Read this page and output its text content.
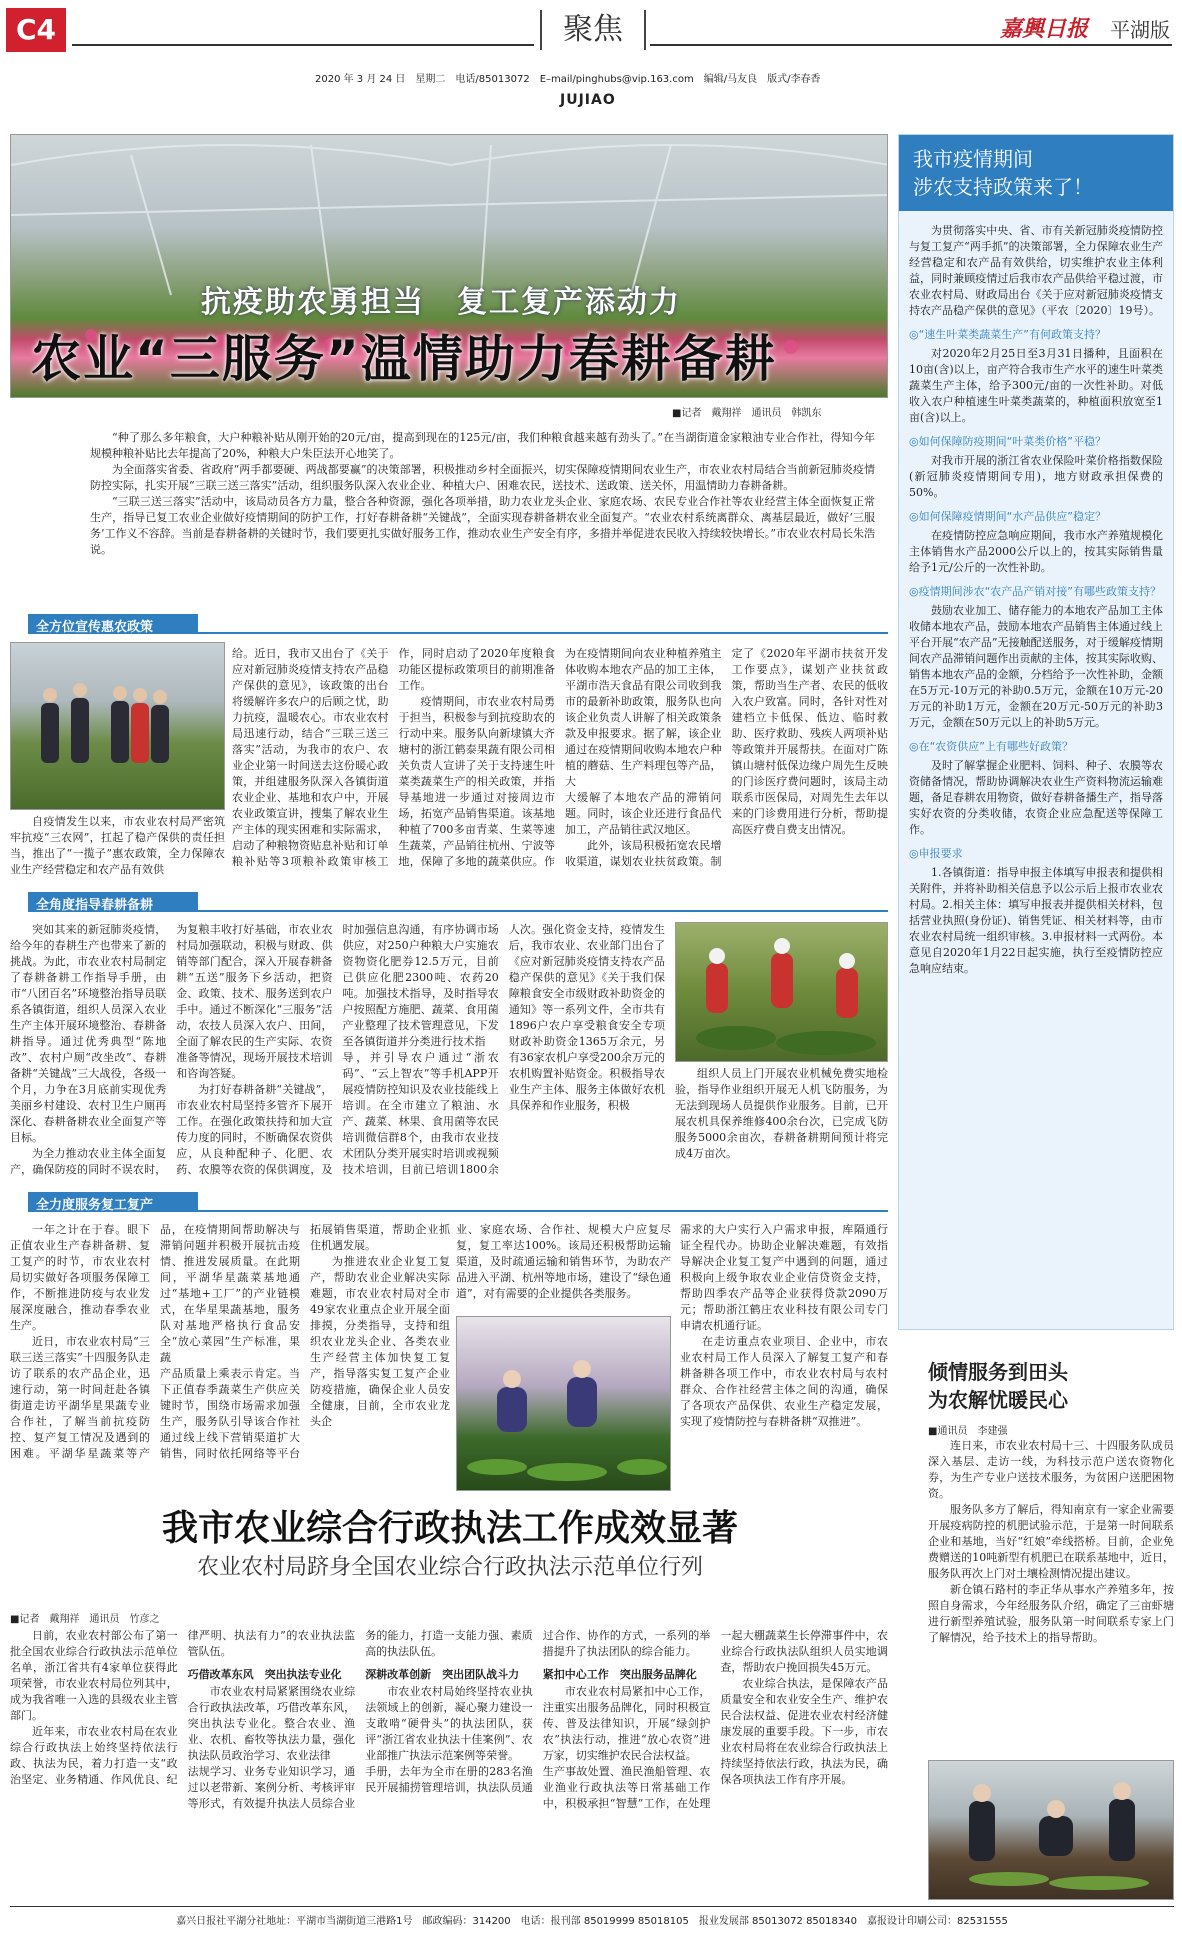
C4	聚焦	嘉興日报 平湖版
2020 年 3 月 24 日　星期二　电话/85013072　E–mail/pinghubs@vip.163.com　编辑/马友良　版式/李春香
JUJIAO
抗疫助农勇担当　复工复产添动力
农业“三服务”温情助力春耕备耕
■记者　戴翔祥　通讯员　韩凯东

“种了那么多年粮食，大户种粮补贴从刚开始的20元/亩，提高到现在的125元/亩，我们种粮食越来越有劲头了。”在当湖街道金家粮油专业合作社，得知今年规模种粮补贴比去年提高了20%，种粮大户朱臣法开心地笑了。

为全面落实省委、省政府“两手都要硬、两战都要赢”的决策部署，积极推动乡村全面振兴，切实保障疫情期间农业生产，市农业农村局结合当前新冠肺炎疫情防控实际，扎实开展“三联三送三落实”活动，组织服务队深入农业企业、种植大户、困难农民，送技术、送政策、送关怀，用温情助力春耕备耕。

“三联三送三落实”活动中，该局动员各方力量，整合各种资源，强化各项举措，助力农业龙头企业、家庭农场、农民专业合作社等农业经营主体全面恢复正常生产，指导已复工农业企业做好疫情期间的防护工作，打好春耕备耕“关键战”，全面实现春耕备耕农业全面复产。“农业农村系统离群众、离基层最近，做好‘三服务’工作义不容辞。当前是春耕备耕的关键时节，我们要更扎实做好服务工作，推动农业生产安全有序，多措并举促进农民收入持续较快增长。”市农业农村局长朱浩说。

全方位宣传惠农政策
自疫情发生以来，市农业农村局严密筑牢抗疫“三农网”，扛起了稳产保供的责任担当，推出了“一揽子”惠农政策，全力保障农业生产经营稳定和农产品有效供

给。近日，我市又出台了《关于应对新冠肺炎疫情支持农产品稳产保供的意见》，该政策的出台将缓解许多农户的后顾之忧，助力抗疫，温暖农心。市农业农村局迅速行动，结合“三联三送三落实”活动，为我市的农户、农业企业第一时间送去这份暖心政策，并组建服务队深入各镇街道农业企业、基地和农户中，开展农业政策宣讲，搜集了解农业生产主体的现实困难和实际需求，启动了种粮物资贴息补贴和订单粮补贴等3项粮补政策审核工作，同时启动了2020年度粮食功能区提标政策项目的前期准备工作。

疫情期间，市农业农村局勇于担当，积极参与到抗疫助农的行动中来。服务队向新埭镇大齐塘村的浙江鹤泰果蔬有限公司相关负责人宣讲了关于支持速生叶菜类蔬菜生产的相关政策，并指导基地进一步通过对接周边市场，拓宽产品销售渠道。该基地种植了700多亩青菜、生菜等速生蔬菜，产品销往杭州、宁波等地，保障了多地的蔬菜供应。作为在疫情期间向农业种植养殖主体收购本地农产品的加工主体，平湖市浩天食品有限公司收到我市的最新补助政策，服务队也向该企业负责人讲解了相关政策条款及申报要求。据了解，该企业通过在疫情期间收购本地农户种植的蘑菇、生产料理包等产品，大

大缓解了本地农产品的滞销问题。同时，该企业还进行食品代加工，产品销往武汉地区。

此外，该局积极拓宽农民增收渠道，谋划农业扶贫政策。制定了《2020年平湖市扶贫开发工作要点》，谋划产业扶贫政策，帮助当生产者、农民的低收入农户致富。同时，各针对性对建档立卡低保、低边、临时救助、医疗救助、残疾人两项补贴等政策并开展帮扶。在面对广陈镇山塘村低保边缘户周先生反映的门诊医疗费问题时，该局主动联系市医保局，对周先生去年以来的门诊费用进行分析，帮助提高医疗费自费支出情况。

全角度指导春耕备耕

突如其来的新冠肺炎疫情，给今年的春耕生产也带来了新的挑战。为此，市农业农村局制定了春耕备耕工作指导手册，由市“八团百名”环境整治指导员联系各镇街道，组织人员深入农业生产主体开展环境整治、春耕备耕指导。通过优秀典型“陈地改”、农村户厕“改坐改”、春耕备耕“关键战”三大战役，各级一个月，力争在3月底前实现优秀美丽乡村建设、农村卫生户厕再深化、春耕备耕农业全面复产等目标。

为全力推动农业主体全面复产，确保防疫的同时不误农时，为复粮丰收打好基础，市农业农村局加强联动，积极与财政、供销等部门配合，深入开展春耕备耕“五送”服务下乡活动，把资金、政策、技术、服务送到农户手中。通过不断深化“三服务”活动，农技人员深入农户、田间，全面了解农民的生产实际、农资准备等情况，现场开展技术培训和咨询答疑。

为打好春耕备耕“关键战”，市农业农村局坚持多管齐下展开工作。在强化政策扶持和加大宣传力度的同时，不断确保农资供应，从良种配种子、化肥、农药、农膜等农资的保供调度，及时加强信息沟通，有序协调市场供应，对250户种粮大户实施农资物资化肥券12.5万元，目前已供应化肥2300吨、农药20吨。加强技术指导，及时指导农户按照配方施肥、蔬菜、食用菌产业整理了技术管理意见，下发至各镇街道并分类进行技术指

导，并引导农户通过“浙农码”、“云上智农”等手机APP开展疫情防控知识及农业技能线上培训。在全市建立了粮油、水产、蔬菜、林果、食用菌等农民培训微信群8个，由我市农业技术团队分类开展实时培训或视频技术培训，目前已培训1800余人次。强化资金支持，疫情发生后，我市农业、农业部门出台了《应对新冠肺炎疫情支持农产品稳产保供的意见》《关于我们保障粮食安全市级财政补助资金的通知》等一系列文件，全市共有1896户农户享受粮食安全专项财政补助资金1365万余元，另有36家农机户享受200余万元的农机购置补贴资金。积极指导农业生产主体、服务主体做好农机具保养和作业服务，积极

组织人员上门开展农业机械免费实地检验，指导作业组织开展无人机飞防服务，为无法到现场人员提供作业服务。目前，已开展农机具保养维修400余台次，已完成飞防服务5000余亩次，春耕备耕期间预计将完成4万亩次。
全力度服务复工复产

一年之计在于春。眼下正值农业生产春耕备耕、复工复产的时节，市农业农村局切实做好各项服务保障工作，不断推进防疫与农业发展深度融合，推动春季农业生产。

近日，市农业农村局“三联三送三落实”十四服务队走访了联系的农产品企业，迅速行动，第一时间赶赴各镇街道走访平湖华星果蔬专业合作社，了解当前抗疫防控、复产复工情况及遇到的困难。平湖华星蔬菜等产品，在疫情期间帮助解决与滞销问题并积极开展抗击疫情、推进发展质量。在此期间，平湖华星蔬菜基地通过“基地+工厂”的产业链模式，在华星果蔬基地，服务队对基地严格执行食品安全“放心菜园”生产标准，果蔬

产品质量上乘表示肯定。当下正值春季蔬菜生产供应关键时节，围绕市场需求加强生产，服务队引导该合作社通过线上线下营销渠道扩大销售，同时依托网络等平台拓展销售渠道，帮助企业抓住机遇发展。

为推进农业企业复工复产，帮助农业企业解决实际难题，市农业农村局对全市49家农业重点企业开展全面排摸，分类指导，支持和组织农业龙头企业、各类农业生产经营主体加快复工复产，指导落实复工复产企业防疫措施，确保企业人员安全健康，目前，全市农业龙头企

业、家庭农场、合作社、规模大户应复尽复，复工率达100%。该局还积极帮助运输渠道，及时疏通运输和销售环节，为助农产品进入平湖、杭州等地市场，建设了“绿色通道”，对有需要的企业提供各类服务。

需求的大户实行入户需求申报，库隔通行证全程代办。协助企业解决难题，有效指导解决企业复工复产中遇到的问题，通过积极向上级争取农业企业信贷资金支持，帮助四季农产品等企业获得贷款2090万元；帮助浙江鹤庄农业科技有限公司专门申请农机通行证。

在走访重点农业项目、企业中，市农业农村局工作人员深入了解复工复产和春耕备耕各项工作中，市农业农村局与农村群众、合作社经营主体之间的沟通，确保了各项农产品保供、农业生产稳定发展，实现了疫情防控与春耕备耕“双推进”。

我市农业综合行政执法工作成效显著
农业农村局跻身全国农业综合行政执法示范单位行列
■记者　戴翔祥　通讯员　竹彦之

日前，农业农村部公布了第一批全国农业综合行政执法示范单位名单，浙江省共有4家单位获得此项荣誉，市农业农村局位列其中，成为我省唯一入选的县级农业主管部门。

近年来，市农业农村局在农业综合行政执法上始终坚持依法行政、执法为民，着力打造一支“政治坚定、业务精通、作风优良、纪律严明、执法有力”的农业执法监管队伍。

巧借改革东风　突出执法专业化

市农业农村局紧紧围绕农业综合行政执法改革，巧借改革东风，突出执法专业化。整合农业、渔业、农机、畜牧等执法力量，强化执法队员政治学习、农业法律

法规学习、业务专业知识学习，通过以老带新、案例分析、考核评审等形式，有效提升执法人员综合业务的能力，打造一支能力强、素质高的执法队伍。

深耕改革创新　突出团队战斗力

市农业农村局始终坚持农业执法领域上的创新，凝心聚力建设一支敢啃“硬骨头”的执法团队，获评“浙江省农业执法十佳案例”、农业部推广执法示范案例等荣誉。

手册，去年为全市在册的283名渔民开展捕捞管理培训，执法队员通过合作、协作的方式，一系列的举措提升了执法团队的综合能力。

紧扣中心工作　突出服务品牌化

市农业农村局紧扣中心工作，注重实出服务品牌化，同时积极宣传、普及法律知识，开展“绿剑护农”执法行动，推进“放心农资”进万家，切实维护农民合法权益。

生产事故处置、渔民渔船管理、农业渔业行政执法等日常基础工作中，积极承担“智慧”工作，在处理一起大棚蔬菜生长停滞事件中，农业综合行政执法队组织人员实地调查，帮助农户挽回损失45万元。

农业综合执法，是保障农产品质量安全和农业安全生产、维护农民合法权益、促进农业农村经济健康发展的重要手段。下一步，市农业农村局将在农业综合行政执法上持续坚持依法行政，执法为民，确保各项执法工作有序开展。

我市疫情期间
涉农支持政策来了！

为贯彻落实中央、省、市有关新冠肺炎疫情防控与复工复产“两手抓”的决策部署，全力保障农业生产经营稳定和农产品有效供给，切实维护农业主体利益，同时兼顾疫情过后我市农产品供给平稳过渡，市农业农村局、财政局出台《关于应对新冠肺炎疫情支持农产品稳产保供的意见》（平农〔2020〕19号）。

◎“速生叶菜类蔬菜生产”有何政策支持？

对2020年2月25日至3月31日播种，且面积在10亩(含)以上，亩产符合我市生产水平的速生叶菜类蔬菜生产主体，给予300元/亩的一次性补助。对低收入农户种植速生叶菜类蔬菜的，种植面积放宽至1亩(含)以上。

◎如何保障防疫期间“叶菜类价格”平稳？

对我市开展的浙江省农业保险叶菜价格指数保险(新冠肺炎疫情期间专用)，地方财政承担保费的50%。

◎如何保障疫情期间“水产品供应”稳定？

在疫情防控应急响应期间，我市水产养殖规模化主体销售水产品2000公斤以上的，按其实际销售量给予1元/公斤的一次性补助。

◎疫情期间涉农“农产品产销对接”有哪些政策支持？

鼓励农业加工、储存能力的本地农产品加工主体收储本地农产品，鼓励本地农产品销售主体通过线上平台开展“农产品”无接触配送服务，对于缓解疫情期间农产品滞销问题作出贡献的主体，按其实际收购、销售本地农产品的金额，分档给予一次性补助，金额在5万元-10万元的补助0.5万元，金额在10万元-20万元的补助1万元，金额在20万元-50万元的补助3万元，金额在50万元以上的补助5万元。

◎在“农资供应”上有哪些好政策？

及时了解掌握企业肥料、饲料、种子、农膜等农资储备情况，帮助协调解决农业生产资料物流运输难题，备足春耕农用物资，做好春耕备播生产，指导落实好农资的分类收储，农资企业应急配送等保障工作。

◎申报要求

1.各镇街道：指导申报主体填写申报表和提供相关附件，并将补助相关信息予以公示后上报市农业农村局。2.相关主体：填写申报表并提供相关材料，包括营业执照(身份证)、销售凭证、相关材料等，由市农业农村局统一组织审核。3.申报材料一式两份。本意见自2020年1月22日起实施，执行至疫情防控应急响应结束。

倾情服务到田头
为农解忧暖民心
■通讯员　李建强

连日来，市农业农村局十三、十四服务队成员深入基层、走访一线，为科技示范户送农资物化券，为生产专业户送技术服务，为贫困户送肥困物资。

服务队多方了解后，得知南京有一家企业需要开展疫病防控的机肥试验示范，于是第一时间联系企业和基地，当好“红娘”牵线搭桥。目前，企业免费赠送的10吨新型有机肥已在联系基地中，近日，服务队再次上门对土壤检测情况提出建议。

新仓镇石路村的李正华从事水产养殖多年，按照自身需求，今年经服务队介绍，确定了三亩虾塘进行新型养殖试验，服务队第一时间联系专家上门了解情况，给予技术上的指导帮助。

嘉兴日报社平湖分社地址：平湖市当湖街道三港路1号　邮政编码：314200　电话：报刊部 85019999 85018105　报业发展部 85013072 85018340　嘉报设计印刷公司：82531555
